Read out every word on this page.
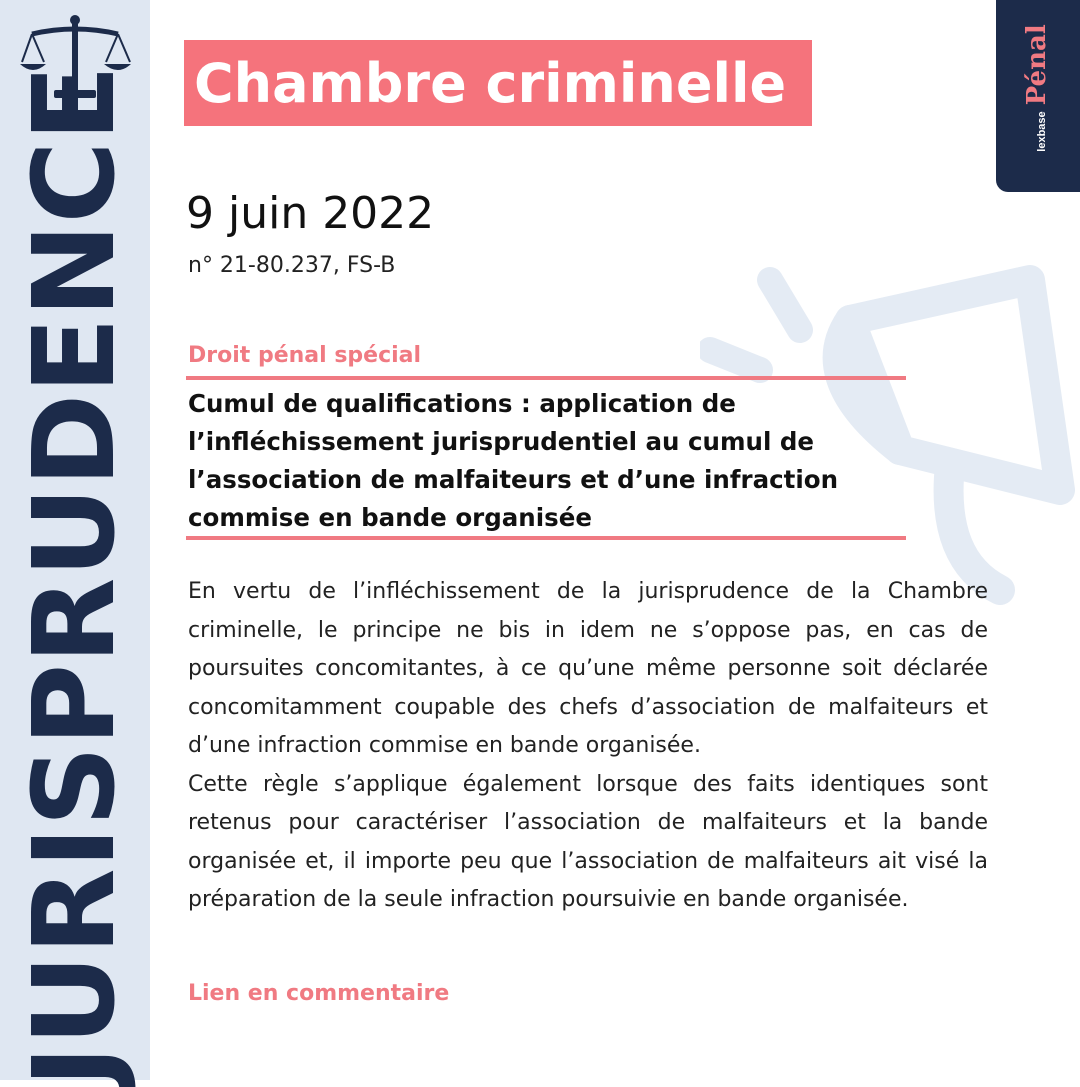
JURISPRUDENCE	lexbase
Pénal
Chambre criminelle
9 juin 2022
n° 21-80.237, FS-B
Droit pénal spécial
Cumul de qualifications : application de l’infléchissement jurisprudentiel au cumul de l’association de malfaiteurs et d’une infraction commise en bande organisée

En vertu de l’infléchissement de la jurisprudence de la Chambre criminelle, le principe ne bis in idem ne s’oppose pas, en cas de poursuites concomitantes, à ce qu’une même personne soit déclarée concomitamment coupable des chefs d’association de malfaiteurs et d’une infraction commise en bande organisée.

Cette règle s’applique également lorsque des faits identiques sont retenus pour caractériser l’association de malfaiteurs et la bande organisée et, il importe peu que l’association de malfaiteurs ait visé la préparation de la seule infraction poursuivie en bande organisée.

Lien en commentaire
